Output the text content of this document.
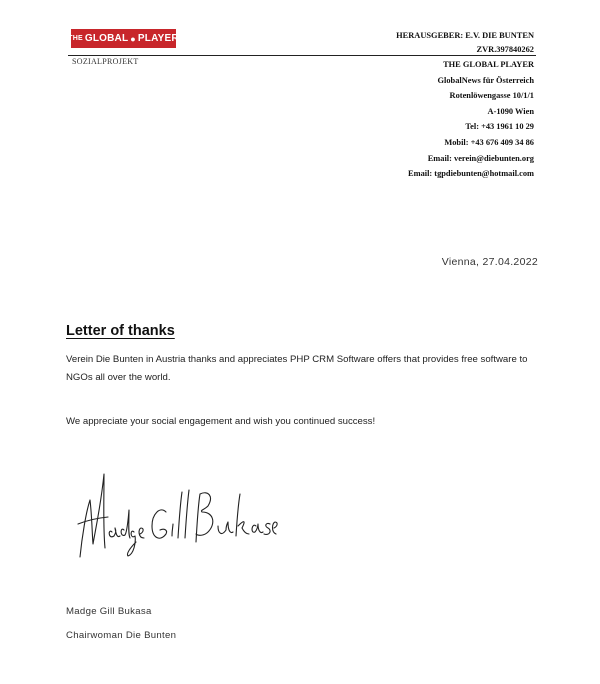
THE GLOBAL ● PLAYER
SOZIALPROJEKT
HERAUSGEBER: E.V. DIE BUNTEN
ZVR.397840262
THE GLOBAL PLAYER
GlobalNews für Österreich
Rotenlöwengasse 10/1/1
A-1090 Wien
Tel: +43 1961 10 29
Mobil: +43 676 409 34 86
Email: verein@diebunten.org
Email: tgpdiebunten@hotmail.com
Vienna, 27.04.2022
Letter of thanks
Verein Die Bunten in Austria thanks and appreciates PHP CRM Software offers that provides free software to NGOs all over the world.
We appreciate your social engagement and wish you continued success!
Madge Gill Bukasa
Chairwoman Die Bunten
